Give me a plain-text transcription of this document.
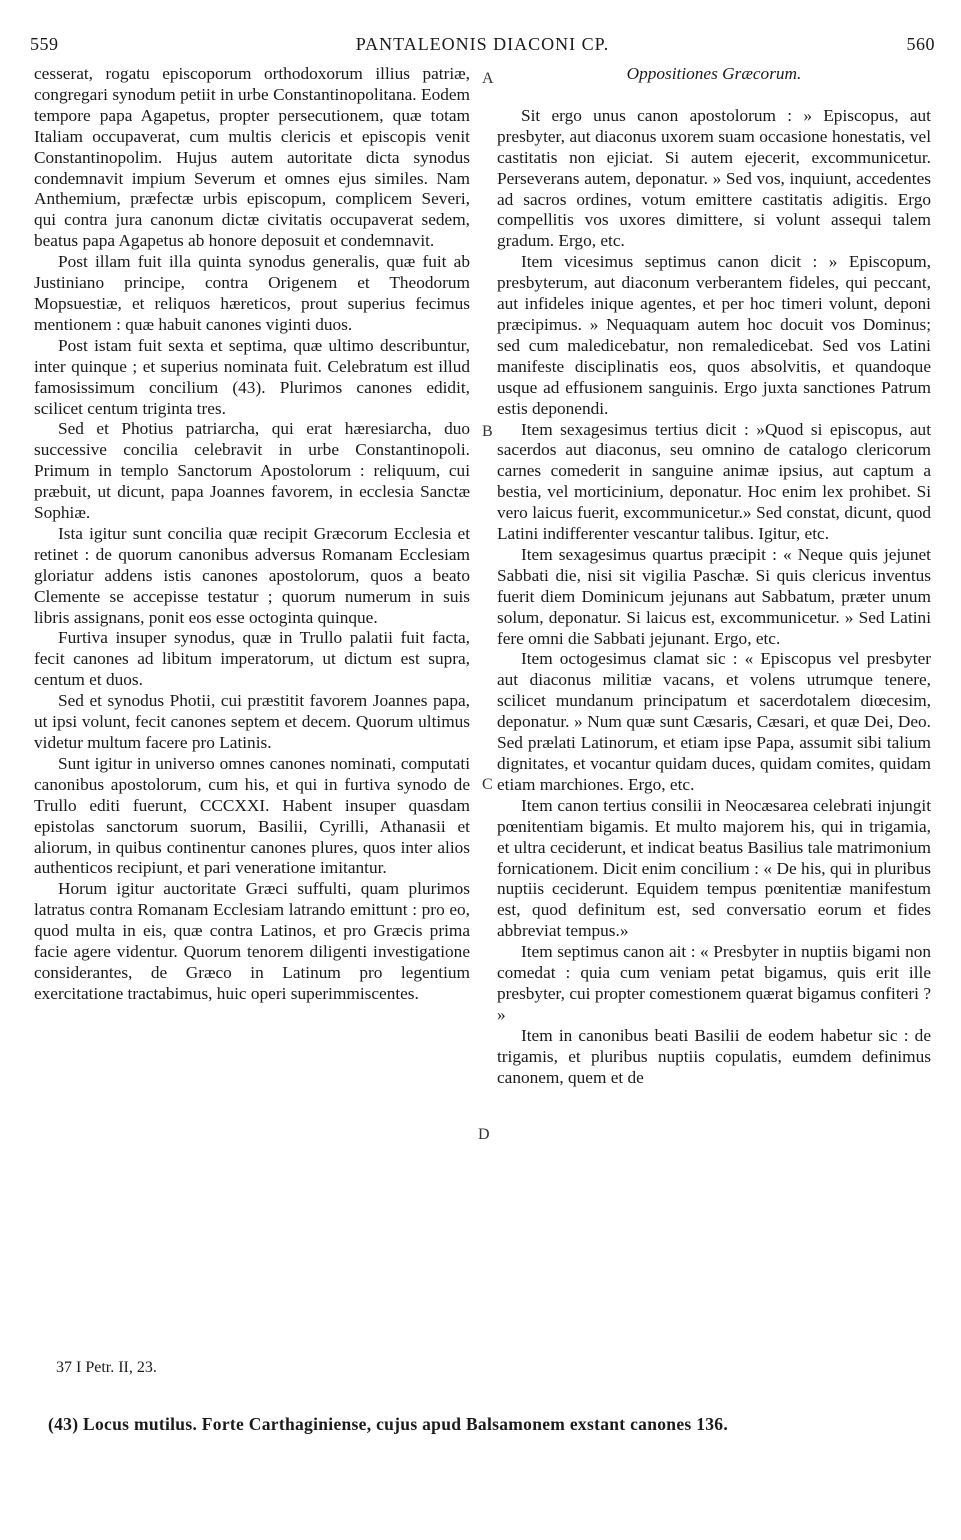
559	PANTALEONIS DIACONI CP.	560

cesserat, rogatu episcoporum orthodoxorum illius patriæ, congregari synodum petiit in urbe Constantinopolitana. Eodem tempore papa Agapetus, propter persecutionem, quæ totam Italiam occupaverat, cum multis clericis et episcopis venit Constantinopolim. Hujus autem autoritate dicta synodus condemnavit impium Severum et omnes ejus similes. Nam Anthemium, præfectæ urbis episcopum, complicem Severi, qui contra jura canonum dictæ civitatis occupaverat sedem, beatus papa Agapetus ab honore deposuit et condemnavit.

Post illam fuit illa quinta synodus generalis, quæ fuit ab Justiniano principe, contra Origenem et Theodorum Mopsuestiæ, et reliquos hæreticos, prout superius fecimus mentionem : quæ habuit canones viginti duos.

Post istam fuit sexta et septima, quæ ultimo describuntur, inter quinque ; et superius nominata fuit. Celebratum est illud famosissimum concilium (43). Plurimos canones edidit, scilicet centum triginta tres.

Sed et Photius patriarcha, qui erat hæresiarcha, duo successive concilia celebravit in urbe Constantinopoli. Primum in templo Sanctorum Apostolorum : reliquum, cui præbuit, ut dicunt, papa Joannes favorem, in ecclesia Sanctæ Sophiæ.

Ista igitur sunt concilia quæ recipit Græcorum Ecclesia et retinet : de quorum canonibus adversus Romanam Ecclesiam gloriatur addens istis canones apostolorum, quos a beato Clemente se accepisse testatur ; quorum numerum in suis libris assignans, ponit eos esse octoginta quinque.

Furtiva insuper synodus, quæ in Trullo palatii fuit facta, fecit canones ad libitum imperatorum, ut dictum est supra, centum et duos.

Sed et synodus Photii, cui præstitit favorem Joannes papa, ut ipsi volunt, fecit canones septem et decem. Quorum ultimus videtur multum facere pro Latinis.

Sunt igitur in universo omnes canones nominati, computati canonibus apostolorum, cum his, et qui in furtiva synodo de Trullo editi fuerunt, CCCXXI. Habent insuper quasdam epistolas sanctorum suorum, Basilii, Cyrilli, Athanasii et aliorum, in quibus continentur canones plures, quos inter alios authenticos recipiunt, et pari veneratione imitantur.

Horum igitur auctoritate Græci suffulti, quam plurimos latratus contra Romanam Ecclesiam latrando emittunt : pro eo, quod multa in eis, quæ contra Latinos, et pro Græcis prima facie agere videntur. Quorum tenorem diligenti investigatione considerantes, de Græco in Latinum pro legentium exercitatione tractabimus, huic operi superimmiscentes.

Oppositiones Græcorum.

Sit ergo unus canon apostolorum : » Episcopus, aut presbyter, aut diaconus uxorem suam occasione honestatis, vel castitatis non ejiciat. Si autem ejecerit, excommunicetur. Perseverans autem, deponatur. » Sed vos, inquiunt, accedentes ad sacros ordines, votum emittere castitatis adigitis. Ergo compellitis vos uxores dimittere, si volunt assequi talem gradum. Ergo, etc.

Item vicesimus septimus canon dicit : » Episcopum, presbyterum, aut diaconum verberantem fideles, qui peccant, aut infideles inique agentes, et per hoc timeri volunt, deponi præcipimus. » Nequaquam autem hoc docuit vos Dominus; sed cum maledicebatur, non remaledicebat. Sed vos Latini manifeste disciplinatis eos, quos absolvitis, et quandoque usque ad effusionem sanguinis. Ergo juxta sanctiones Patrum estis deponendi.

Item sexagesimus tertius dicit : »Quod si episcopus, aut sacerdos aut diaconus, seu omnino de catalogo clericorum carnes comederit in sanguine animæ ipsius, aut captum a bestia, vel morticinium, deponatur. Hoc enim lex prohibet. Si vero laicus fuerit, excommunicetur.» Sed constat, dicunt, quod Latini indifferenter vescantur talibus. Igitur, etc.

Item sexagesimus quartus præcipit : « Neque quis jejunet Sabbati die, nisi sit vigilia Paschæ. Si quis clericus inventus fuerit diem Dominicum jejunans aut Sabbatum, præter unum solum, deponatur. Si laicus est, excommunicetur. » Sed Latini fere omni die Sabbati jejunant. Ergo, etc.

Item octogesimus clamat sic : « Episcopus vel presbyter aut diaconus militiæ vacans, et volens utrumque tenere, scilicet mundanum principatum et sacerdotalem diœcesim, deponatur. » Num quæ sunt Cæsaris, Cæsari, et quæ Dei, Deo. Sed prælati Latinorum, et etiam ipse Papa, assumit sibi talium dignitates, et vocantur quidam duces, quidam comites, quidam etiam marchiones. Ergo, etc.

Item canon tertius consilii in Neocæsarea celebrati injungit pœnitentiam bigamis. Et multo majorem his, qui in trigamia, et ultra ceciderunt, et indicat beatus Basilius tale matrimonium fornicationem. Dicit enim concilium : « De his, qui in pluribus nuptiis ceciderunt. Equidem tempus pœnitentiæ manifestum est, quod definitum est, sed conversatio eorum et fides abbreviat tempus.»

Item septimus canon ait : « Presbyter in nuptiis bigami non comedat : quia cum veniam petat bigamus, quis erit ille presbyter, cui propter comestionem quærat bigamus confiteri ? »

Item in canonibus beati Basilii de eodem habetur sic : de trigamis, et pluribus nuptiis copulatis, eumdem definimus canonem, quem et de

A
B
C
D
37 I Petr. II, 23.
(43) Locus mutilus. Forte Carthaginiense, cujus apud Balsamonem exstant canones 136.
